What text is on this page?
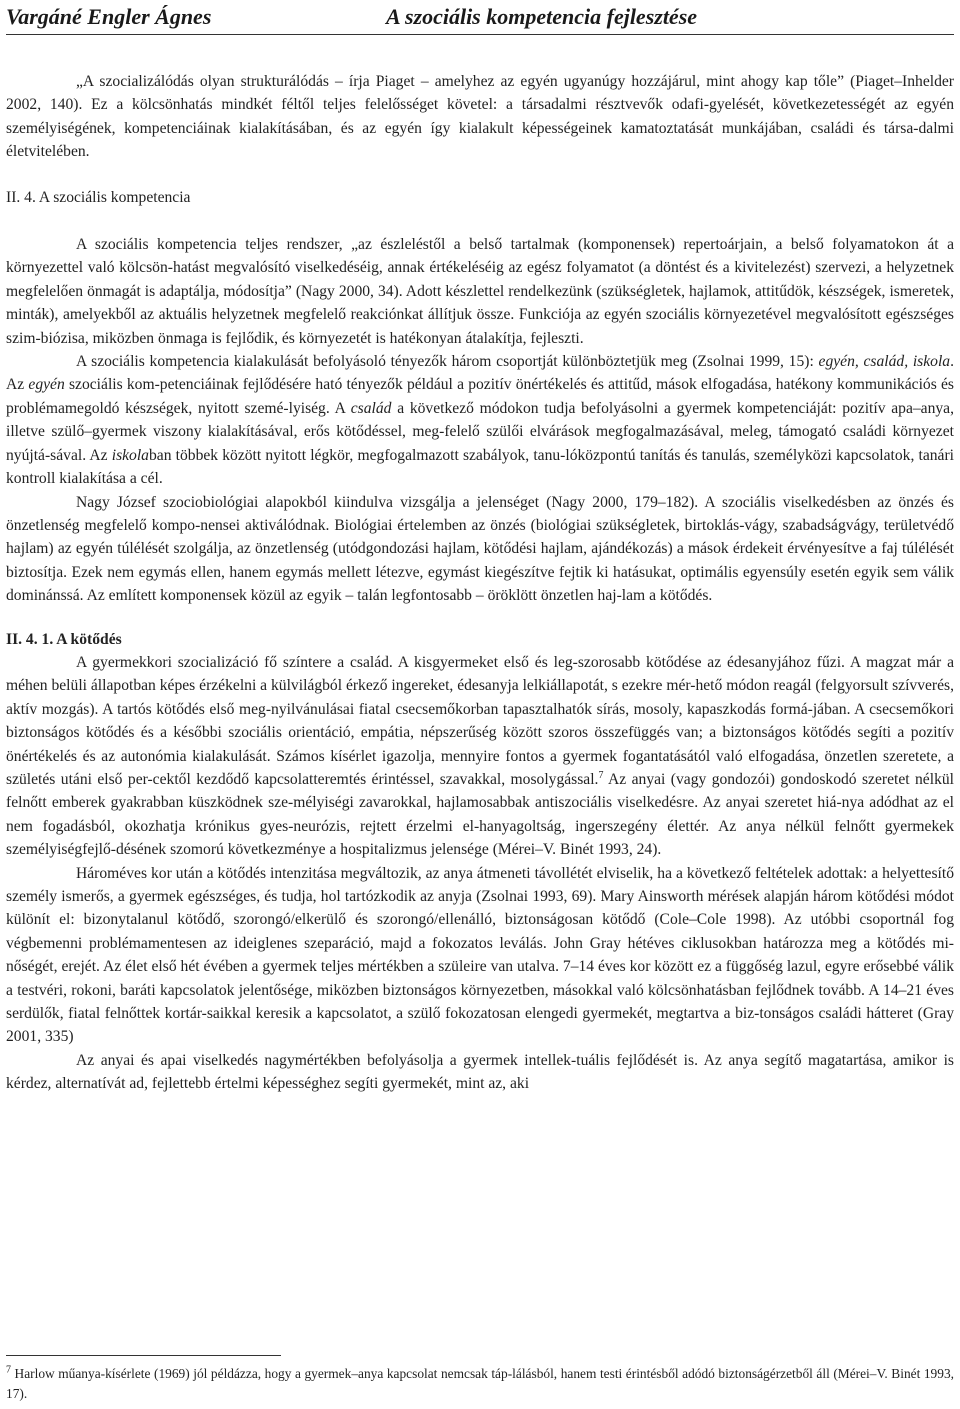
Vargáné Engler Ágnes	A szociális kompetencia fejlesztése

„A szocializálódás olyan strukturálódás – írja Piaget – amelyhez az egyén ugyanúgy hozzájárul, mint ahogy kap tőle” (Piaget–Inhelder 2002, 140). Ez a kölcsönhatás mindkét féltől teljes felelősséget követel: a társadalmi résztvevők odafi-gyelését, következetességét az egyén személyiségének, kompetenciáinak kialakításában, és az egyén így kialakult képességeinek kamatoztatását munkájában, családi és társa-dalmi életvitelében.

II. 4. A szociális kompetencia

A szociális kompetencia teljes rendszer, „az észleléstől a belső tartalmak (komponensek) repertoárjain, a belső folyamatokon át a környezettel való kölcsön-hatást megvalósító viselkedéséig, annak értékeléséig az egész folyamatot (a döntést és a kivitelezést) szervezi, a helyzetnek megfelelően önmagát is adaptálja, módosítja” (Nagy 2000, 34). Adott készlettel rendelkezünk (szükségletek, hajlamok, attitűdök, készségek, ismeretek, minták), amelyekből az aktuális helyzetnek megfelelő reakciónkat állítjuk össze. Funkciója az egyén szociális környezetével megvalósított egészséges szim-biózisa, miközben önmaga is fejlődik, és környezetét is hatékonyan átalakítja, fejleszti.

A szociális kompetencia kialakulását befolyásoló tényezők három csoportját különböztetjük meg (Zsolnai 1999, 15): egyén, család, iskola. Az egyén szociális kom-petenciáinak fejlődésére ható tényezők például a pozitív önértékelés és attitűd, mások elfogadása, hatékony kommunikációs és problémamegoldó készségek, nyitott szemé-lyiség. A család a következő módokon tudja befolyásolni a gyermek kompetenciáját: pozitív apa–anya, illetve szülő–gyermek viszony kialakításával, erős kötődéssel, meg-felelő szülői elvárások megfogalmazásával, meleg, támogató családi környezet nyújtá-sával. Az iskolaban többek között nyitott légkör, megfogalmazott szabályok, tanu-lóközpontú tanítás és tanulás, személyközi kapcsolatok, tanári kontroll kialakítása a cél.

Nagy József szociobiológiai alapokból kiindulva vizsgálja a jelenséget (Nagy 2000, 179–182). A szociális viselkedésben az önzés és önzetlenség megfelelő kompo-nensei aktiválódnak. Biológiai értelemben az önzés (biológiai szükségletek, birtoklás-vágy, szabadságvágy, területvédő hajlam) az egyén túlélését szolgálja, az önzetlenség (utódgondozási hajlam, kötődési hajlam, ajándékozás) a mások érdekeit érvényesítve a faj túlélését biztosítja. Ezek nem egymás ellen, hanem egymás mellett létezve, egymást kiegészítve fejtik ki hatásukat, optimális egyensúly esetén egyik sem válik dominánssá. Az említett komponensek közül az egyik – talán legfontosabb – öröklött önzetlen haj-lam a kötődés.

II. 4. 1. A kötődés

A gyermekkori szocializáció fő színtere a család. A kisgyermeket első és leg-szorosabb kötődése az édesanyjához fűzi. A magzat már a méhen belüli állapotban képes érzékelni a külvilágból érkező ingereket, édesanyja lelkiállapotát, s ezekre mér-hető módon reagál (felgyorsult szívverés, aktív mozgás). A tartós kötődés első meg-nyilvánulásai fiatal csecsemőkorban tapasztalhatók sírás, mosoly, kapaszkodás formá-jában. A csecsemőkori biztonságos kötődés és a későbbi szociális orientáció, empátia, népszerűség között szoros összefüggés van; a biztonságos kötődés segíti a pozitív önértékelés és az autonómia kialakulását. Számos kísérlet igazolja, mennyire fontos a gyermek fogantatásától való elfogadása, önzetlen szeretete, a születés utáni első per-cektől kezdődő kapcsolatteremtés érintéssel, szavakkal, mosolygással.$^7$ Az anyai (vagy gondozói) gondoskodó szeretet nélkül felnőtt emberek gyakrabban küszködnek sze-mélyiségi zavarokkal, hajlamosabbak antiszociális viselkedésre. Az anyai szeretet hiá-nya adódhat az el nem fogadásból, okozhatja krónikus gyes-neurózis, rejtett érzelmi el-hanyagoltság, ingerszegény élettér. Az anya nélkül felnőtt gyermekek személyiségfejlő-désének szomorú következménye a hospitalizmus jelensége (Mérei–V. Binét 1993, 24).

Hároméves kor után a kötődés intenzitása megváltozik, az anya átmeneti távollétét elviselik, ha a következő feltételek adottak: a helyettesítő személy ismerős, a gyermek egészséges, és tudja, hol tartózkodik az anyja (Zsolnai 1993, 69). Mary Ainsworth mérések alapján három kötődési módot különít el: bizonytalanul kötődő, szorongó/elkerülő és szorongó/ellenálló, biztonságosan kötődő (Cole–Cole 1998). Az utóbbi csoportnál fog végbemenni problémamentesen az ideiglenes szeparáció, majd a fokozatos leválás. John Gray hétéves ciklusokban határozza meg a kötődés mi-nőségét, erejét. Az élet első hét évében a gyermek teljes mértékben a szüleire van utalva. 7–14 éves kor között ez a függőség lazul, egyre erősebbé válik a testvéri, rokoni, baráti kapcsolatok jelentősége, miközben biztonságos környezetben, másokkal való kölcsönhatásban fejlődnek tovább. A 14–21 éves serdülők, fiatal felnőttek kortár-saikkal keresik a kapcsolatot, a szülő fokozatosan elengedi gyermekét, megtartva a biz-tonságos családi hátteret (Gray 2001, 335)

Az anyai és apai viselkedés nagymértékben befolyásolja a gyermek intellek-tuális fejlődését is. Az anya segítő magatartása, amikor is kérdez, alternatívát ad, fejlettebb értelmi képességhez segíti gyermekét, mint az, aki

$^7$ Harlow műanya-kísérlete (1969) jól példázza, hogy a gyermek–anya kapcsolat nemcsak táp-lálásból, hanem testi érintésből adódó biztonságérzetből áll (Mérei–V. Binét 1993, 17).
